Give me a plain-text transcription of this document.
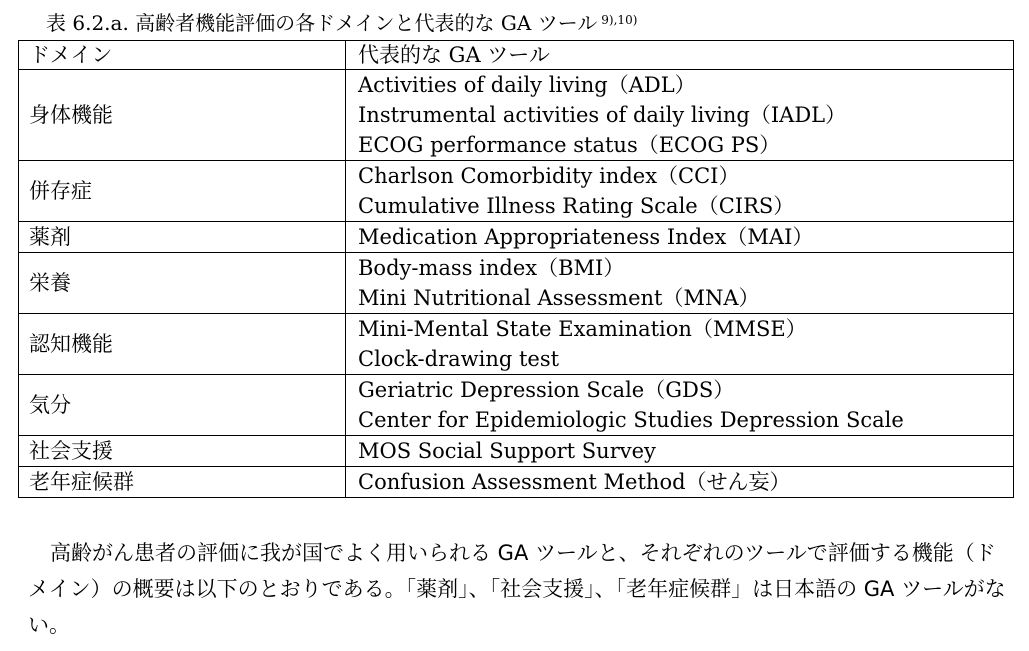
表 6.2.a. 高齢者機能評価の各ドメインと代表的な GA ツール $^{9),10)}$
ドメイン	代表的な GA ツール
身体機能	Activities of daily living（ADL）
Instrumental activities of daily living（IADL）
ECOG performance status（ECOG PS）

併存症	Charlson Comorbidity index（CCI）
Cumulative Illness Rating Scale（CIRS）

薬剤	Medication Appropriateness Index（MAI）

栄養	Body-mass index（BMI）
Mini Nutritional Assessment（MNA）

認知機能	Mini-Mental State Examination（MMSE）
Clock-drawing test

気分	Geriatric Depression Scale（GDS）
Center for Epidemiologic Studies Depression Scale

社会支援	MOS Social Support Survey

老年症候群	Confusion Assessment Method（せん妄）
高齢がん患者の評価に我が国でよく用いられる GA ツールと、それぞれのツールで評価する機能（ドメイン）の概要は以下のとおりである。「薬剤」、「社会支援」、「老年症候群」は日本語の GA ツールがない。
